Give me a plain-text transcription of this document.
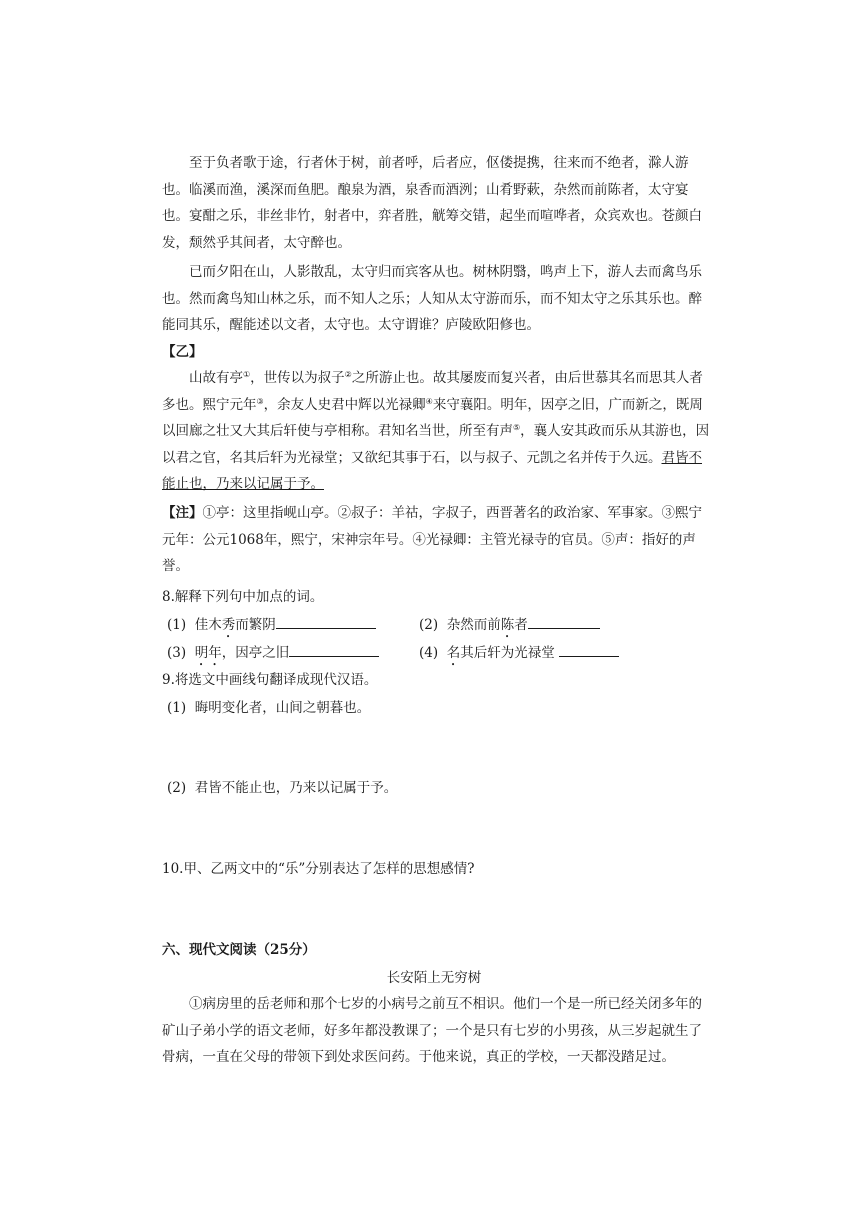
至于负者歌于途，行者休于树，前者呼，后者应，伛偻提携，往来而不绝者，滁人游也。临溪而渔，溪深而鱼肥。酿泉为酒，泉香而酒洌；山肴野蔌，杂然而前陈者，太守宴也。宴酣之乐，非丝非竹，射者中，弈者胜，觥筹交错，起坐而喧哗者，众宾欢也。苍颜白发，颓然乎其间者，太守醉也。

已而夕阳在山，人影散乱，太守归而宾客从也。树林阴翳，鸣声上下，游人去而禽鸟乐也。然而禽鸟知山林之乐，而不知人之乐；人知从太守游而乐，而不知太守之乐其乐也。醉能同其乐，醒能述以文者，太守也。太守谓谁？庐陵欧阳修也。

【乙】

山故有亭①，世传以为叔子②之所游止也。故其屡废而复兴者，由后世慕其名而思其人者多也。熙宁元年③，余友人史君中辉以光禄卿④来守襄阳。明年，因亭之旧，广而新之，既周以回廊之壮又大其后轩使与亭相称。君知名当世，所至有声⑤，襄人安其政而乐从其游也，因以君之官，名其后轩为光禄堂；又欲纪其事于石，以与叔子、元凯之名并传于久远。君皆不能止也，乃来以记属于予。

【注】①亭：这里指岘山亭。②叔子：羊祜，字叔子，西晋著名的政治家、军事家。③熙宁元年：公元1068年，熙宁，宋神宗年号。④光禄卿：主管光禄寺的官员。⑤声：指好的声誉。

8.解释下列句中加点的词。
(1) 佳木秀而繁阴	(2) 杂然而前陈者
(3) 明年，因亭之旧	(4) 名其后轩为光禄堂
9.将选文中画线句翻译成现代汉语。
(1) 晦明变化者，山间之朝暮也。
(2) 君皆不能止也，乃来以记属于予。
10.甲、乙两文中的“乐”分别表达了怎样的思想感情?
六、现代文阅读（25分）
长安陌上无穷树

①病房里的岳老师和那个七岁的小病号之前互不相识。他们一个是一所已经关闭多年的矿山子弟小学的语文老师，好多年都没教课了；一个是只有七岁的小男孩，从三岁起就生了骨病，一直在父母的带领下到处求医问药。于他来说，真正的学校，一天都没踏足过。
